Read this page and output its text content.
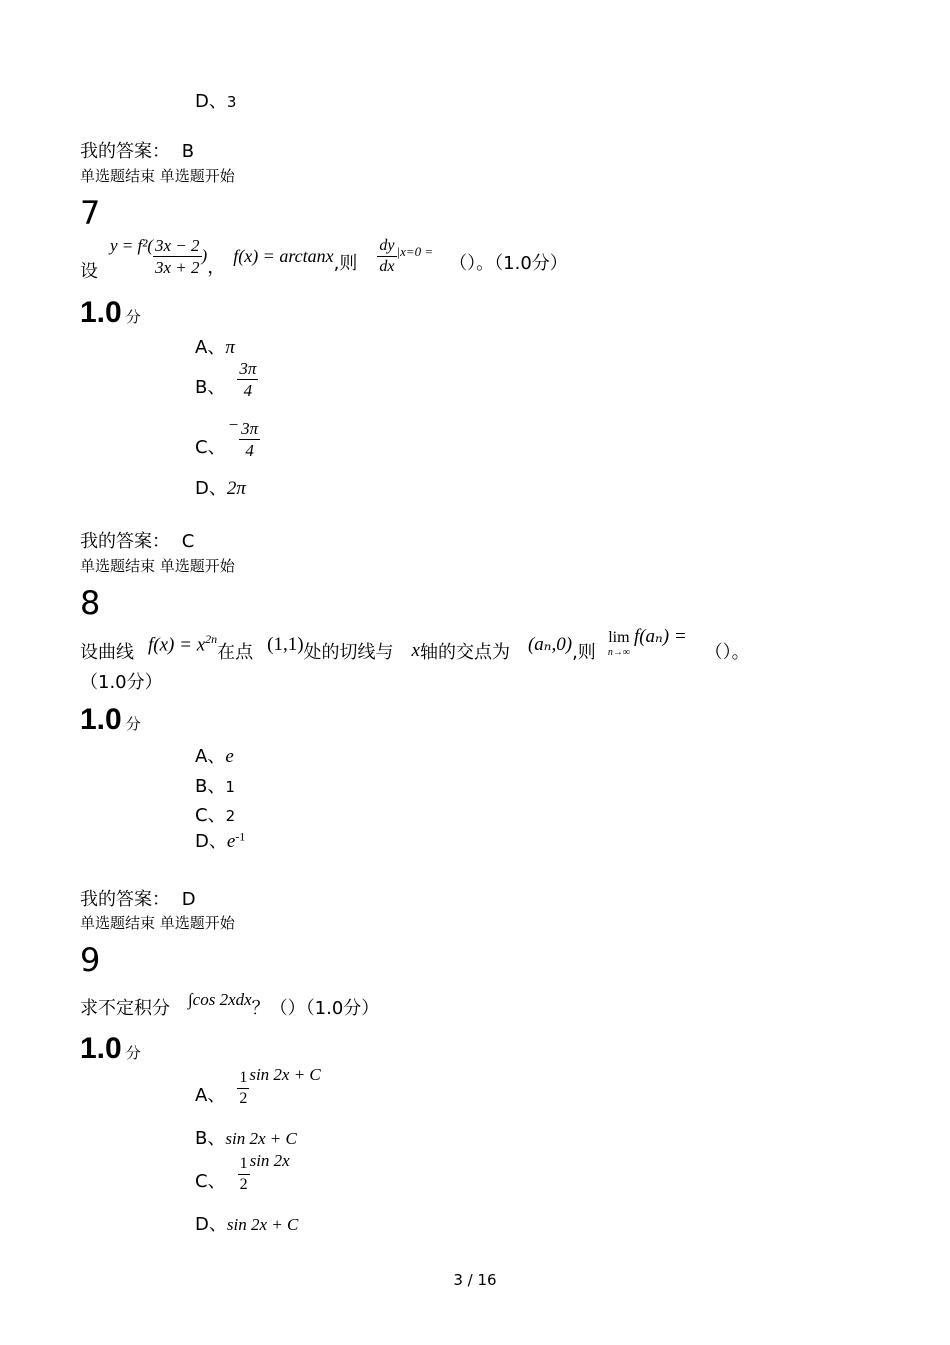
D、3
我的答案： B
单选题结束 单选题开始
7
设
$y = f^2( \frac{3x - 2}{3x + 2}$ )
，
f(x) = arctanx ,则 $\frac{dy}{dx} |x=0$ =
（）。（1.0分）
1.0 分
A、π
B、 $\frac{3\pi}{4}$
C、
− $\frac{3\pi}{4}$
D、2π
我的答案： C
单选题结束 单选题开始
8
设曲线 $f(x) = x^{2n}$
在点 (1,1) 处的切线与 x 轴的交点为 (aₙ,0) ,则
lim
n→∞
f(aₙ) =
（）。
（1.0分）
1.0 分
A、e
B、1
C、2
D、$e^{-1}$
我的答案： D
单选题结束 单选题开始
9
求不定积分 ∫cos 2xdx ？（）（1.0分）
1.0 分
A、 $\frac{1}{2}$ sin 2x + C
B、sin 2x + C
C、 $\frac{1}{2}$ sin 2x
D、sin 2x + C
3 / 16
